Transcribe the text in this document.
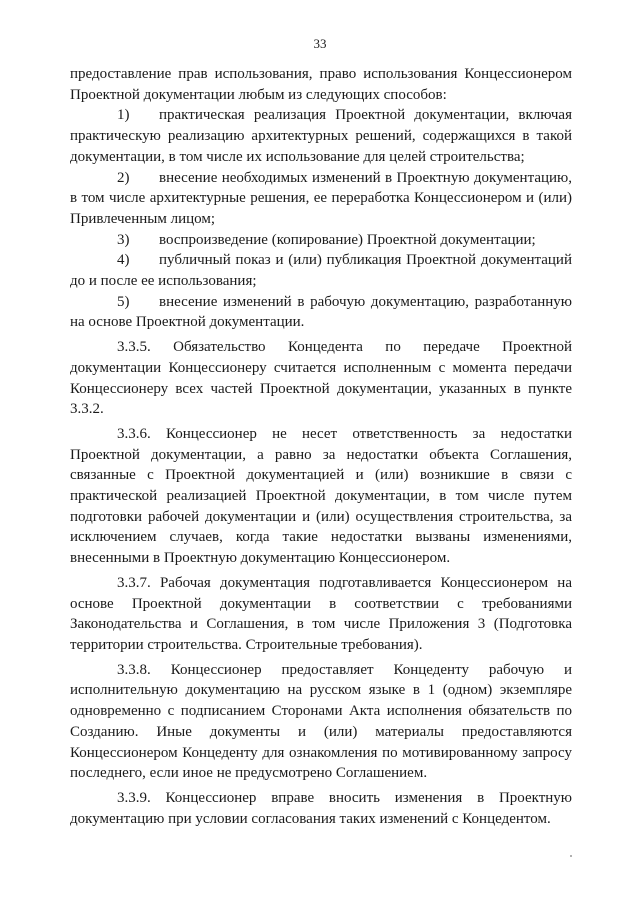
33

предоставление прав использования, право использования Концессионером Проектной документации любым из следующих способов:

1) практическая реализация Проектной документации, включая практическую реализацию архитектурных решений, содержащихся в такой документации, в том числе их использование для целей строительства;

2) внесение необходимых изменений в Проектную документацию, в том числе архитектурные решения, ее переработка Концессионером и (или) Привлеченным лицом;

3) воспроизведение (копирование) Проектной документации;

4) публичный показ и (или) публикация Проектной документаций до и после ее использования;

5) внесение изменений в рабочую документацию, разработанную на основе Проектной документации.

3.3.5. Обязательство Концедента по передаче Проектной документации Концессионеру считается исполненным с момента передачи Концессионеру всех частей Проектной документации, указанных в пункте 3.3.2.

3.3.6. Концессионер не несет ответственность за недостатки Проектной документации, а равно за недостатки объекта Соглашения, связанные с Проектной документацией и (или) возникшие в связи с практической реализацией Проектной документации, в том числе путем подготовки рабочей документации и (или) осуществления строительства, за исключением случаев, когда такие недостатки вызваны изменениями, внесенными в Проектную документацию Концессионером.

3.3.7. Рабочая документация подготавливается Концессионером на основе Проектной документации в соответствии с требованиями Законодательства и Соглашения, в том числе Приложения 3 (Подготовка территории строительства. Строительные требования).

3.3.8. Концессионер предоставляет Концеденту рабочую и исполнительную документацию на русском языке в 1 (одном) экземпляре одновременно с подписанием Сторонами Акта исполнения обязательств по Созданию. Иные документы и (или) материалы предоставляются Концессионером Концеденту для ознакомления по мотивированному запросу последнего, если иное не предусмотрено Соглашением.

3.3.9. Концессионер вправе вносить изменения в Проектную документацию при условии согласования таких изменений с Концедентом.
